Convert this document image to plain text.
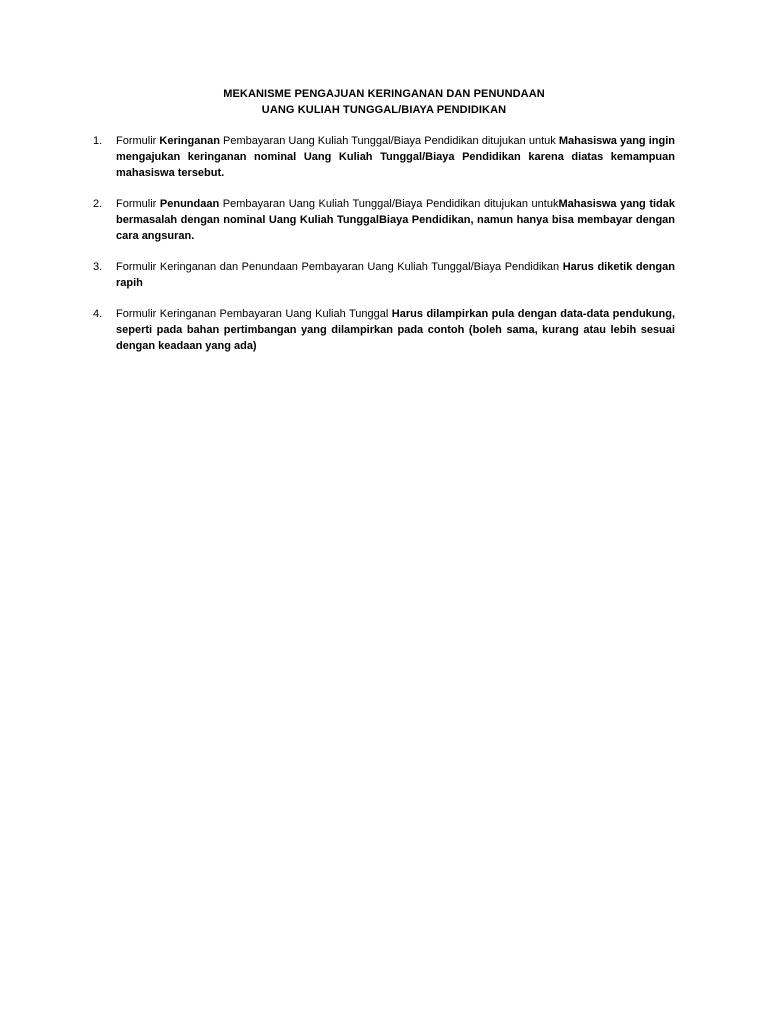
MEKANISME PENGAJUAN KERINGANAN DAN PENUNDAAN
UANG KULIAH TUNGGAL/BIAYA PENDIDIKAN
1. Formulir Keringanan Pembayaran Uang Kuliah Tunggal/Biaya Pendidikan ditujukan untuk Mahasiswa yang ingin mengajukan keringanan nominal Uang Kuliah Tunggal/Biaya Pendidikan karena diatas kemampuan mahasiswa tersebut.
2. Formulir Penundaan Pembayaran Uang Kuliah Tunggal/Biaya Pendidikan ditujukan untukMahasiswa yang tidak bermasalah dengan nominal Uang Kuliah TunggalBiaya Pendidikan, namun hanya bisa membayar dengan cara angsuran.
3. Formulir Keringanan dan Penundaan Pembayaran Uang Kuliah Tunggal/Biaya Pendidikan Harus diketik dengan rapih
4. Formulir Keringanan Pembayaran Uang Kuliah Tunggal Harus dilampirkan pula dengan data-data pendukung, seperti pada bahan pertimbangan yang dilampirkan pada contoh (boleh sama, kurang atau lebih sesuai dengan keadaan yang ada)
